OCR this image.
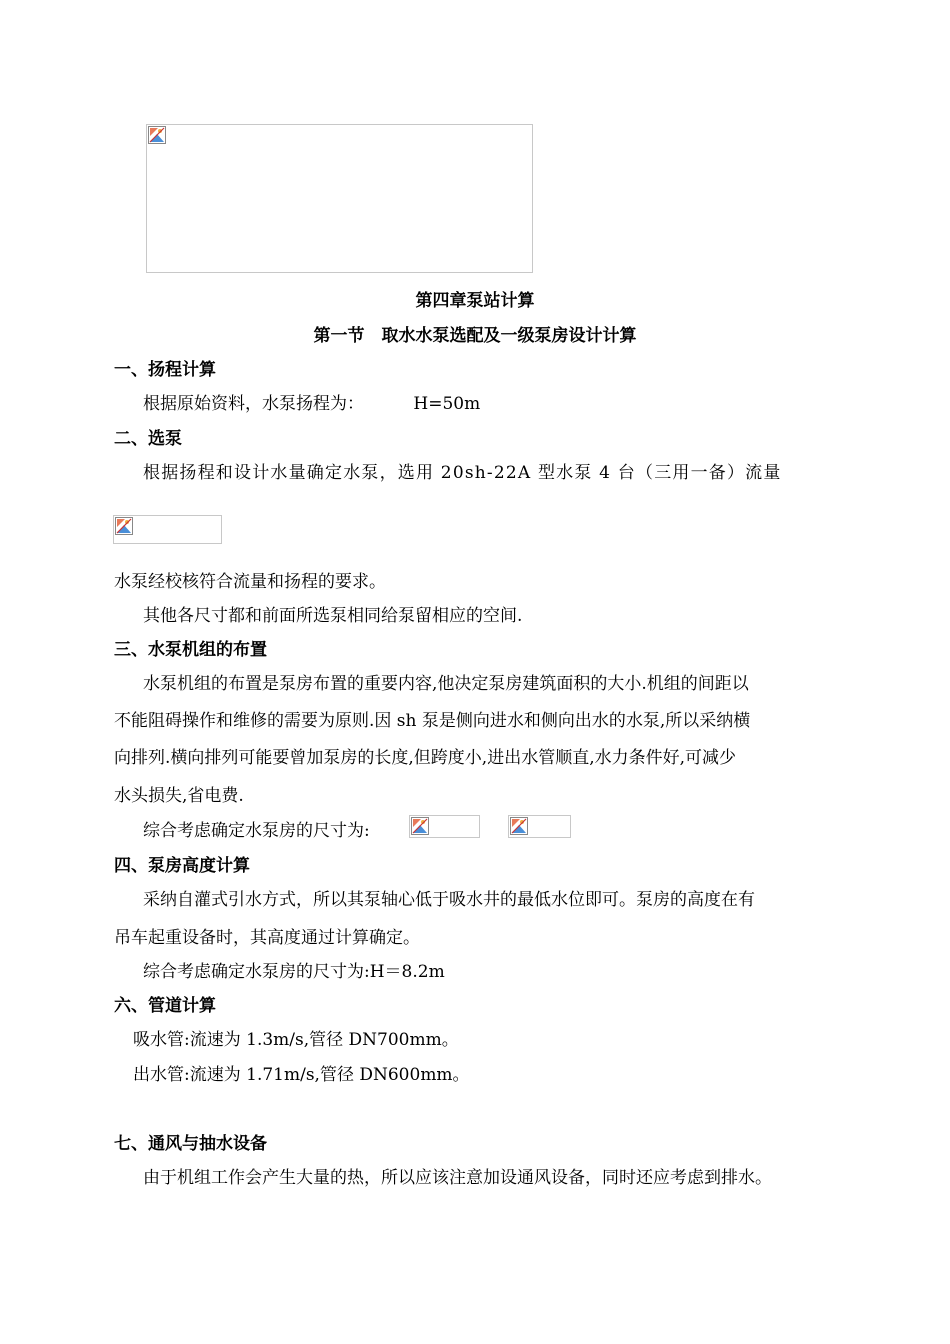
第四章泵站计算
第一节　取水水泵选配及一级泵房设计计算
一、扬程计算
根据原始资料，水泵扬程为：	H=50m
二、选泵
根据扬程和设计水量确定水泵，选用 20sh-22A 型水泵 4 台（三用一备）流量
水泵经校核符合流量和扬程的要求。
其他各尺寸都和前面所选泵相同给泵留相应的空间.
三、水泵机组的布置
水泵机组的布置是泵房布置的重要内容,他决定泵房建筑面积的大小.机组的间距以
不能阻碍操作和维修的需要为原则.因 sh 泵是侧向进水和侧向出水的水泵,所以采纳横
向排列.横向排列可能要曾加泵房的长度,但跨度小,进出水管顺直,水力条件好,可减少
水头损失,省电费.
综合考虑确定水泵房的尺寸为:
四、泵房高度计算
采纳自灌式引水方式，所以其泵轴心低于吸水井的最低水位即可。泵房的高度在有
吊车起重设备时，其高度通过计算确定。
综合考虑确定水泵房的尺寸为:H＝8.2m
六、管道计算
吸水管:流速为 1.3m/s,管径 DN700mm。
出水管:流速为 1.71m/s,管径 DN600mm。
七、通风与抽水设备
由于机组工作会产生大量的热，所以应该注意加设通风设备，同时还应考虑到排水。
